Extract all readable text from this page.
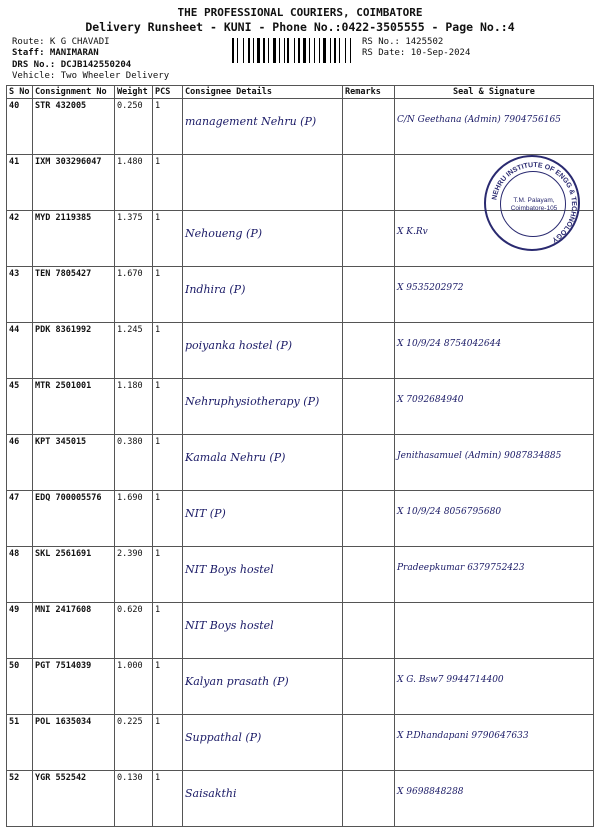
THE PROFESSIONAL COURIERS, COIMBATORE
Delivery Runsheet - KUNI - Phone No.:0422-3505555 - Page No.:4
Route: K G CHAVADI
Staff: MANIMARAN
DRS No.: DCJB142550204
Vehicle: Two Wheeler Delivery
RS No.: 1425502
RS Date: 10-Sep-2024
S No	Consignment No	Weight	PCS	Consignee Details	Remarks	Seal & Signature
40	STR 432005	0.250	1	management Nehru (P)		C/N Geethana (Admin) 7904756165
41	IXM 303296047	1.480	1			
42	MYD 2119385	1.375	1	Nehoueng (P)		X K.Rv
43	TEN 7805427	1.670	1	Indhira (P)		X 9535202972
44	PDK 8361992	1.245	1	poiyanka hostel (P)		X 10/9/24 8754042644
45	MTR 2501001	1.180	1	Nehruphysiotherapy (P)		X 7092684940
46	KPT 345015	0.380	1	Kamala Nehru (P)		Jenithasamuel (Admin) 9087834885
47	EDQ 700005576	1.690	1	NIT (P)		X 10/9/24 8056795680
48	SKL 2561691	2.390	1	NIT Boys hostel		Pradeepkumar 6379752423
49	MNI 2417608	0.620	1	NIT Boys hostel		
50	PGT 7514039	1.000	1	Kalyan prasath (P)		X G. Bsw7 9944714400
51	POL 1635034	0.225	1	Suppathal (P)		X P.Dhandapani 9790647633
52	YGR 552542	0.130	1	Saisakthi		X 9698848288
NEHRU INSTITUTE OF ENGG & TECHNOLOGY
T.M. Palayam, Coimbatore-105
